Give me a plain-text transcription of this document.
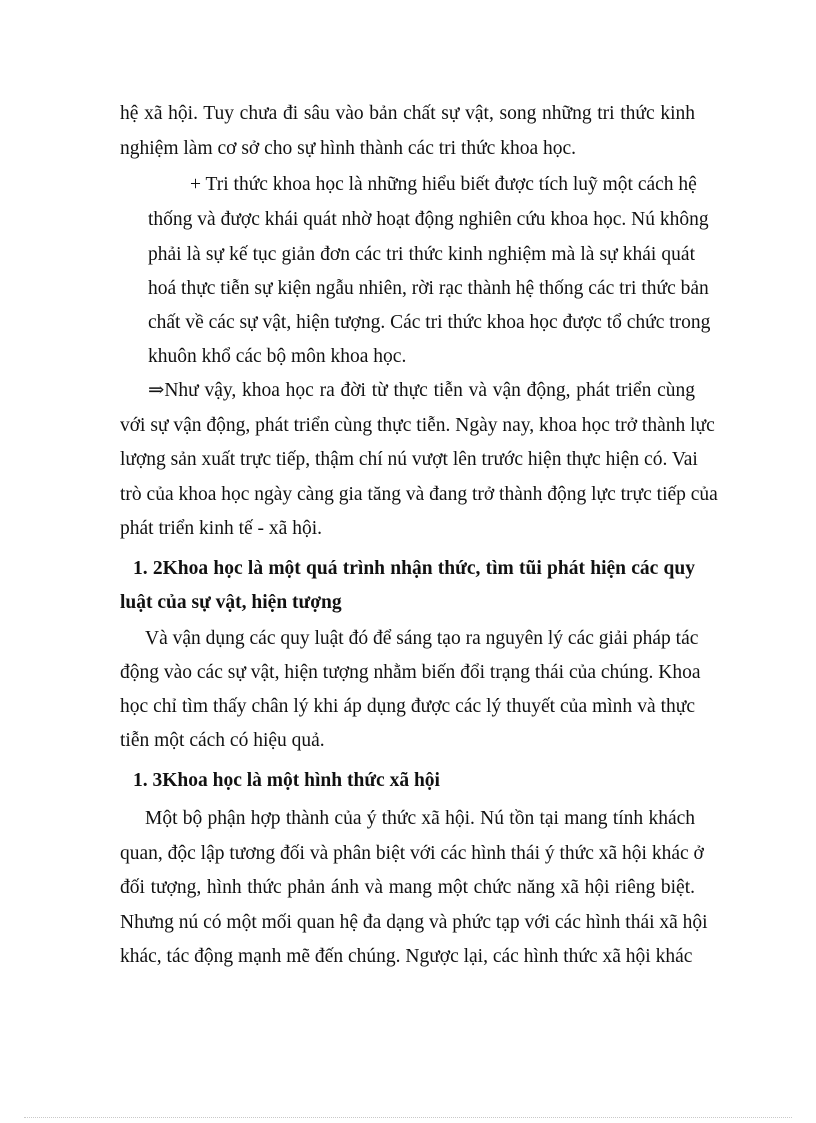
hệ xã hội. Tuy chưa đi sâu vào bản chất sự vật, song những tri thức kinh
nghiệm làm cơ sở cho sự hình thành các tri thức khoa học.
+ Tri thức khoa học là những hiểu biết được tích luỹ một cách hệ
thống và được khái quát nhờ hoạt động nghiên cứu khoa học. Nú không
phải là sự kế tục giản đơn các tri thức kinh nghiệm mà là sự khái quát
hoá thực tiễn sự kiện ngẫu nhiên, rời rạc thành hệ thống các tri thức bản
chất về các sự vật, hiện tượng. Các tri thức khoa học được tổ chức trong
khuôn khổ các bộ môn khoa học.
⇒Như vậy, khoa học ra đời từ thực tiễn và vận động, phát triển cùng
với sự vận động, phát triển cùng thực tiễn. Ngày nay, khoa học trở thành lực
lượng sản xuất trực tiếp, thậm chí nú vượt lên trước hiện thực hiện có. Vai
trò của khoa học ngày càng gia tăng và đang trở thành động lực trực tiếp của
phát triển kinh tế - xã hội.
1. 2Khoa học là một quá trình nhận thức, tìm tũi phát hiện các quy
luật của sự vật, hiện tượng
Và vận dụng các quy luật đó để sáng tạo ra nguyên lý các giải pháp tác
động vào các sự vật, hiện tượng nhằm biến đổi trạng thái của chúng. Khoa
học chỉ tìm thấy chân lý khi áp dụng được các lý thuyết của mình và thực
tiễn một cách có hiệu quả.
1. 3Khoa học là một hình thức xã hội
Một bộ phận hợp thành của ý thức xã hội. Nú tồn tại mang tính khách
quan, độc lập tương đối và phân biệt với các hình thái ý thức xã hội khác ở
đối tượng, hình thức phản ánh và mang một chức năng xã hội riêng biệt.
Nhưng nú có một mối quan hệ đa dạng và phức tạp với các hình thái xã hội
khác, tác động mạnh mẽ đến chúng. Ngược lại, các hình thức xã hội khác
